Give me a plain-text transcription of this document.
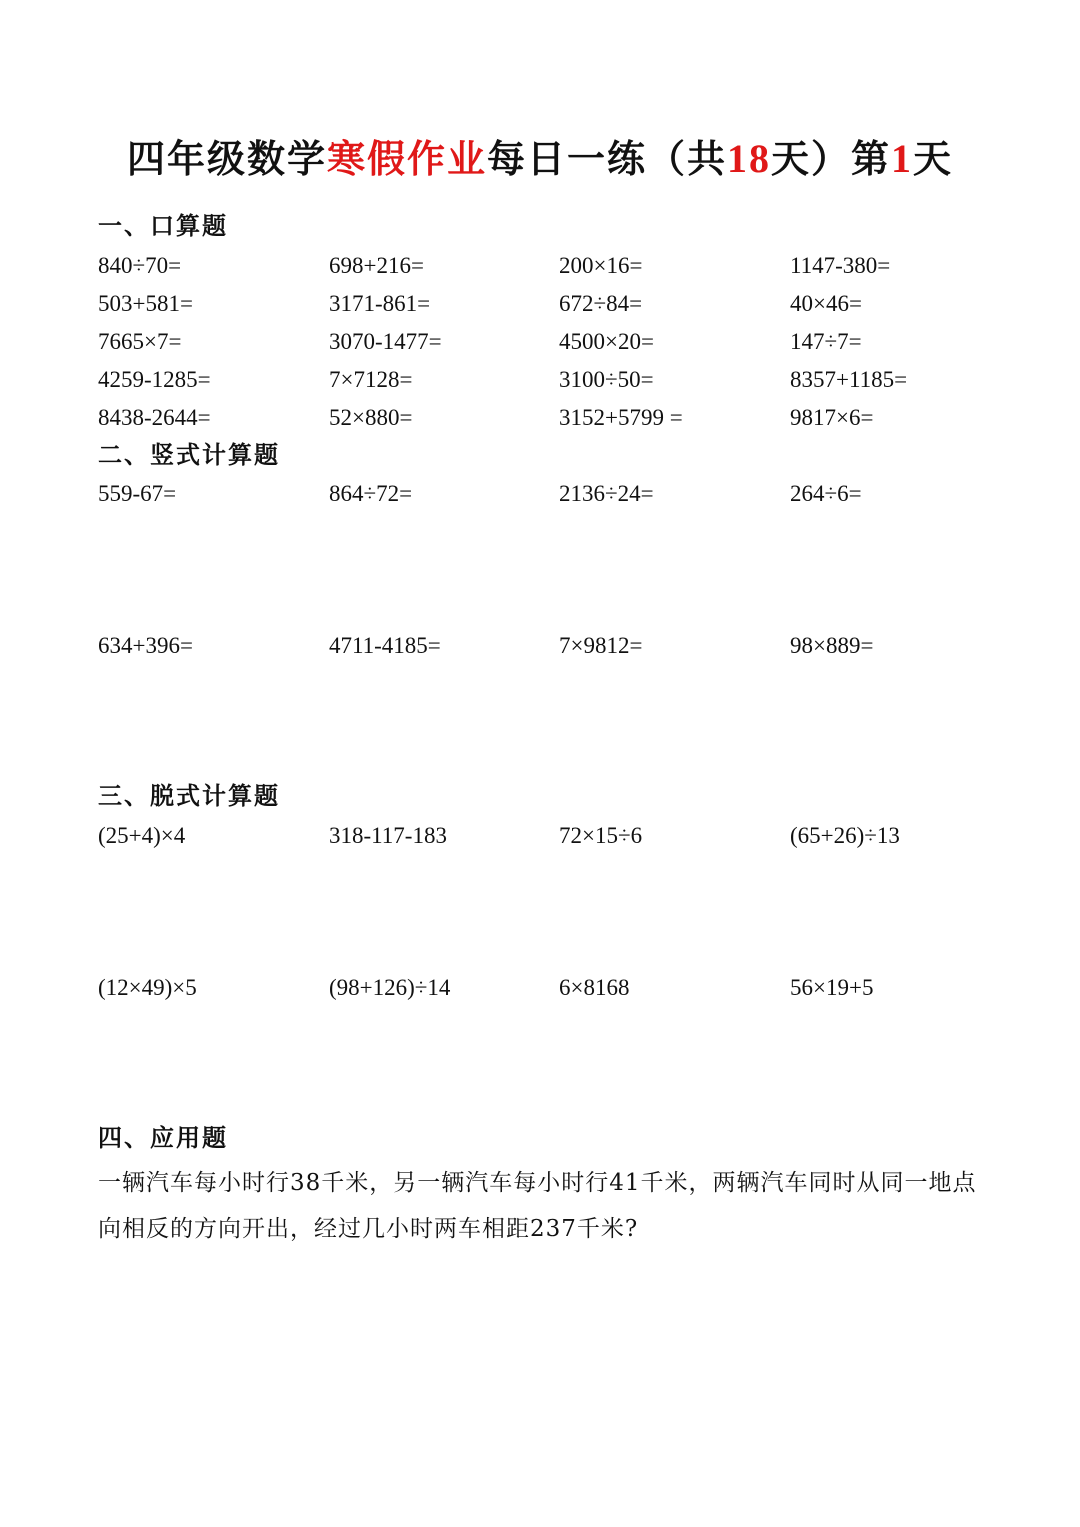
四年级数学寒假作业每日一练（共18天）第1天
一、口算题
840÷70=	698+216=	200×16=	1147-380=
503+581=	3171-861=	672÷84=	40×46=
7665×7=	3070-1477=	4500×20=	147÷7=
4259-1285=	7×7128=	3100÷50=	8357+1185=
8438-2644=	52×880=	3152+5799 =	9817×6=
二、竖式计算题
559-67=	864÷72=	2136÷24=	264÷6=
634+396=	4711-4185=	7×9812=	98×889=
三、脱式计算题
(25+4)×4	318-117-183	72×15÷6	(65+26)÷13
(12×49)×5	(98+126)÷14	6×8168	56×19+5
四、应用题
一辆汽车每小时行38千米，另一辆汽车每小时行41千米，两辆汽车同时从同一地点向相反的方向开出，经过几小时两车相距237千米?
